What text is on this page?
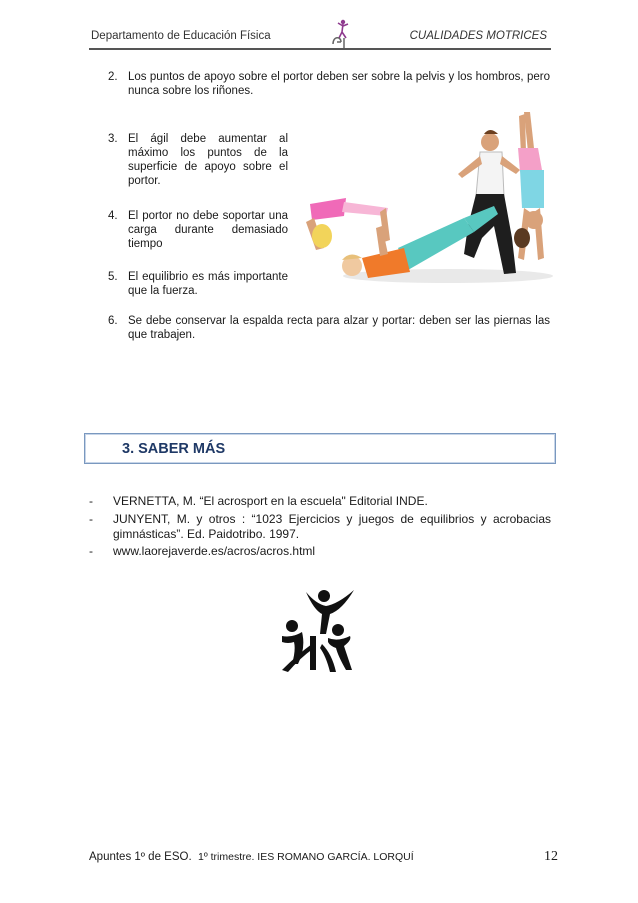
Departamento de Educación Física	CUALIDADES MOTRICES
2. Los puntos de apoyo sobre el portor deben ser sobre la pelvis y los hombros, pero nunca sobre los riñones.
3. El ágil debe aumentar al máximo los puntos de la superficie de apoyo sobre el portor.
4. El portor no debe soportar una carga durante demasiado tiempo
5. El equilibrio es más importante que la fuerza.
6. Se debe conservar la espalda recta para alzar y portar: deben ser las piernas las que trabajen.
3. SABER MÁS
- VERNETTA, M. “El acrosport en la escuela" Editorial INDE.
- JUNYENT, M. y otros : “1023 Ejercicios y juegos de equilibrios y acrobacias gimnásticas”. Ed. Paidotribo. 1997.
- www.laorejaverde.es/acros/acros.html
Apuntes 1º de ESO. 1º trimestre. IES ROMANO GARCÍA. LORQUÍ	12
